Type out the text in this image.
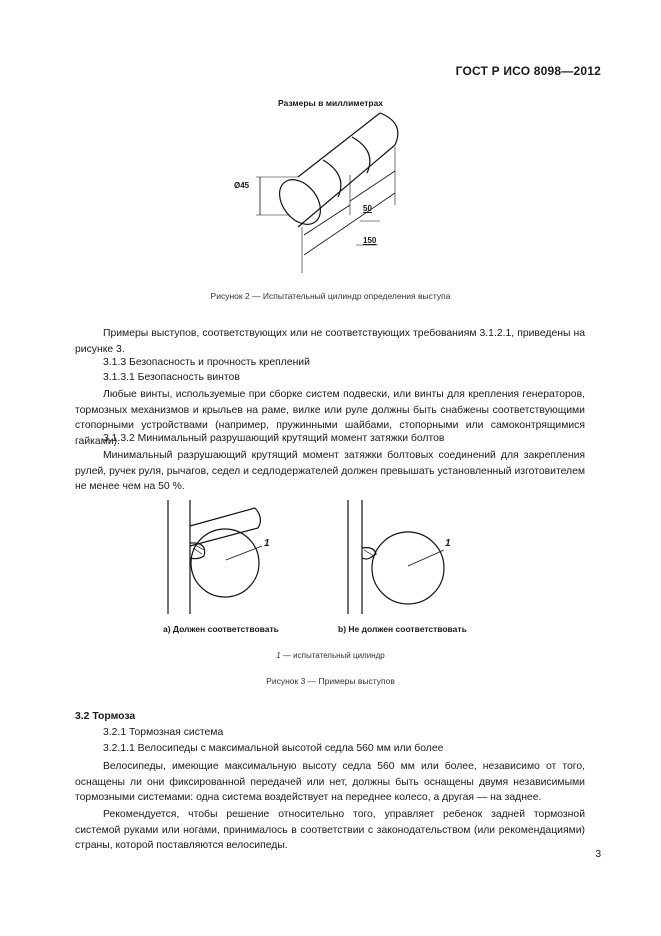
ГОСТ Р ИСО 8098—2012
Размеры в миллиметрах
Ø45
50
150
Рисунок 2 — Испытательный цилиндр определения выступа
Примеры выступов, соответствующих или не соответствующих требованиям 3.1.2.1, приведены на рисунке 3.
3.1.3 Безопасность и прочность креплений
3.1.3.1 Безопасность винтов
Любые винты, используемые при сборке систем подвески, или винты для крепления генераторов, тормозных механизмов и крыльев на раме, вилке или руле должны быть снабжены соответствующими стопорными устройствами (например, пружинными шайбами, стопорными или самоконтрящимися гайками).
3.1.3.2 Минимальный разрушающий крутящий момент затяжки болтов
Минимальный разрушающий крутящий момент затяжки болтовых соединений для закрепления рулей, ручек руля, рычагов, седел и седлодержателей должен превышать установленный изготовителем не менее чем на 50 %.
1	1
а) Должен соответствовать	b) Не должен соответствовать
1 — испытательный цилиндр
Рисунок 3 — Примеры выступов
3.2 Тормоза
3.2.1 Тормозная система
3.2.1.1 Велосипеды с максимальной высотой седла 560 мм или более
Велосипеды, имеющие максимальную высоту седла 560 мм или более, независимо от того, оснащены ли они фиксированной передачей или нет, должны быть оснащены двумя независимыми тормозными системами: одна система воздействует на переднее колесо, а другая — на заднее.
Рекомендуется, чтобы решение относительно того, управляет ребенок задней тормозной системой руками или ногами, принималось в соответствии с законодательством (или рекомендациями) страны, которой поставляются велосипеды.
3
